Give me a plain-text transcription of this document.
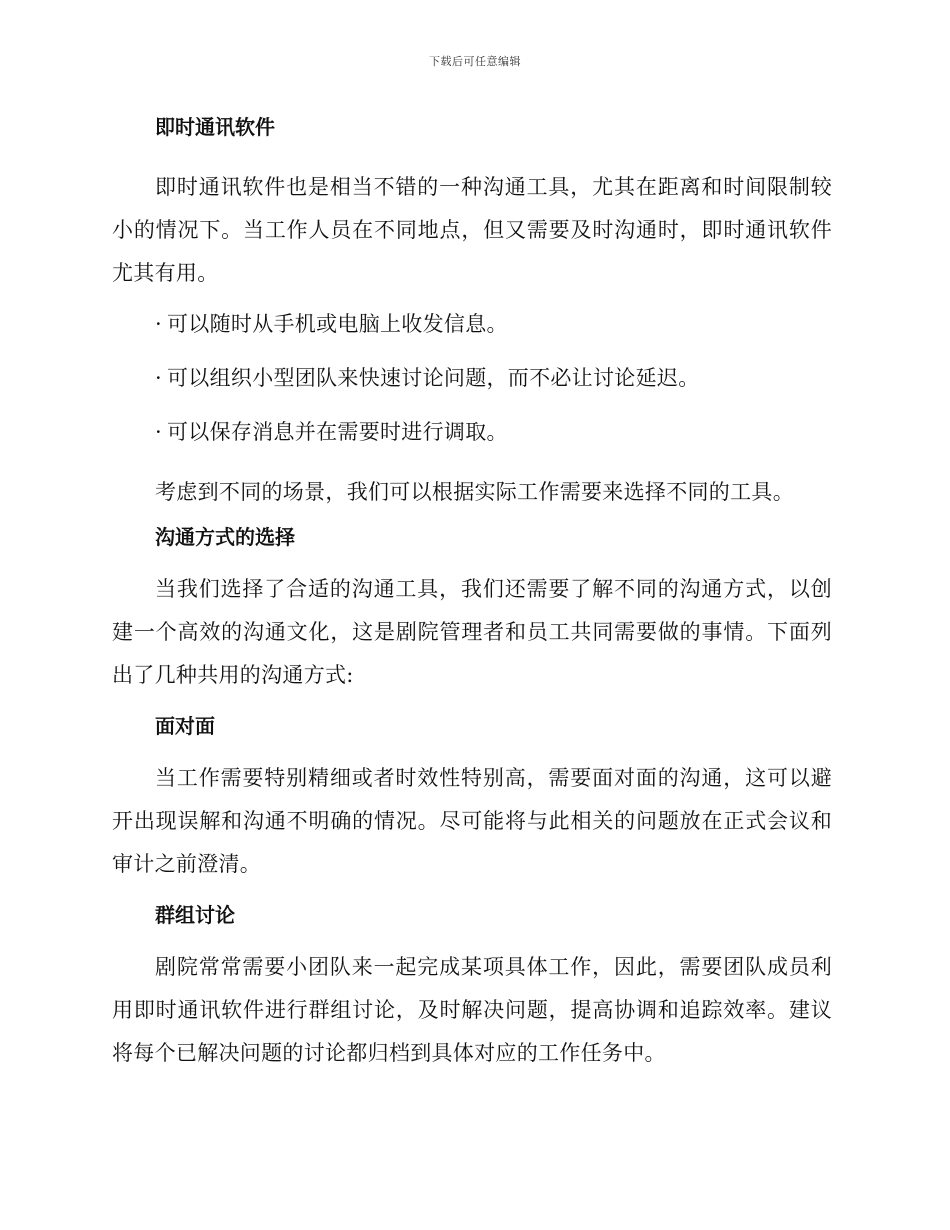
下载后可任意编辑
即时通讯软件

即时通讯软件也是相当不错的一种沟通工具，尤其在距离和时间限制较小的情况下。当工作人员在不同地点，但又需要及时沟通时，即时通讯软件尤其有用。

· 可以随时从手机或电脑上收发信息。
· 可以组织小型团队来快速讨论问题，而不必让讨论延迟。
· 可以保存消息并在需要时进行调取。

考虑到不同的场景，我们可以根据实际工作需要来选择不同的工具。

沟通方式的选择

当我们选择了合适的沟通工具，我们还需要了解不同的沟通方式，以创建一个高效的沟通文化，这是剧院管理者和员工共同需要做的事情。下面列出了几种共用的沟通方式:

面对面

当工作需要特别精细或者时效性特别高，需要面对面的沟通，这可以避开出现误解和沟通不明确的情况。尽可能将与此相关的问题放在正式会议和审计之前澄清。

群组讨论

剧院常常需要小团队来一起完成某项具体工作，因此，需要团队成员利用即时通讯软件进行群组讨论，及时解决问题，提高协调和追踪效率。建议将每个已解决问题的讨论都归档到具体对应的工作任务中。
